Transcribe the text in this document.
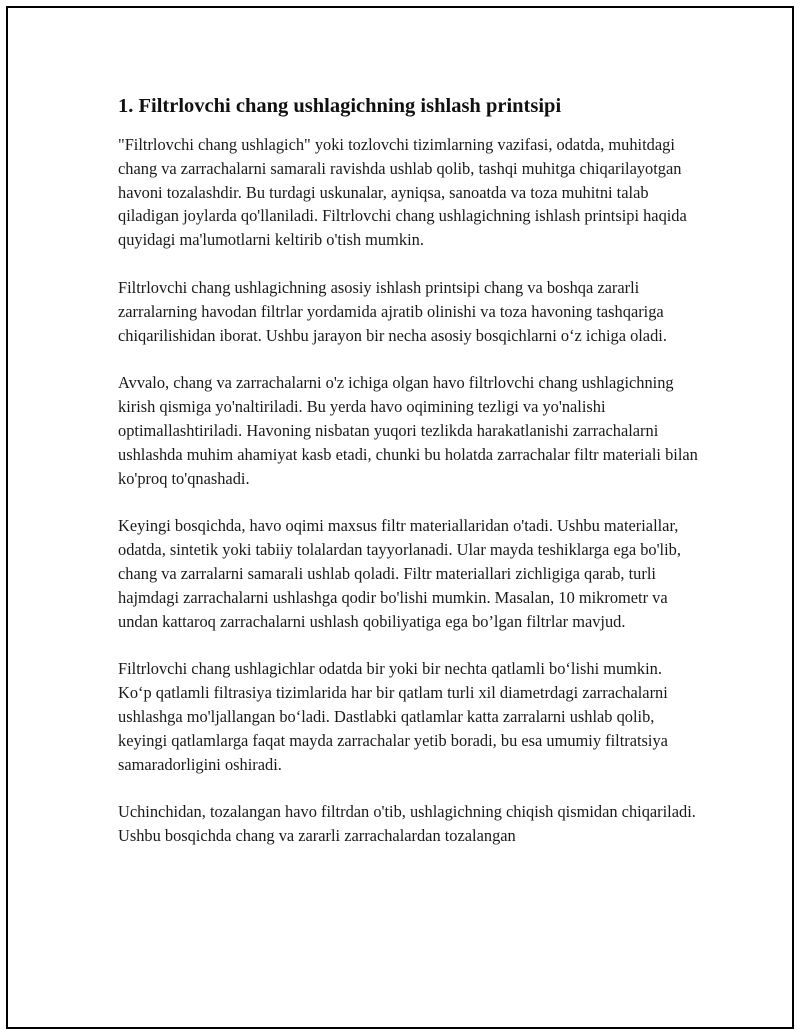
1. Filtrlovchi chang ushlagichning ishlash printsipi

"Filtrlovchi chang ushlagich" yoki tozlovchi tizimlarning vazifasi, odatda, muhitdagi chang va zarrachalarni samarali ravishda ushlab qolib, tashqi muhitga chiqarilayotgan havoni tozalashdir. Bu turdagi uskunalar, ayniqsa, sanoatda va toza muhitni talab qiladigan joylarda qo'llaniladi. Filtrlovchi chang ushlagichning ishlash printsipi haqida quyidagi ma'lumotlarni keltirib o'tish mumkin.

Filtrlovchi chang ushlagichning asosiy ishlash printsipi chang va boshqa zararli zarralarning havodan filtrlar yordamida ajratib olinishi va toza havoning tashqariga chiqarilishidan iborat. Ushbu jarayon bir necha asosiy bosqichlarni o‘z ichiga oladi.

Avvalo, chang va zarrachalarni o'z ichiga olgan havo filtrlovchi chang ushlagichning kirish qismiga yo'naltiriladi. Bu yerda havo oqimining tezligi va yo'nalishi optimallashtiriladi. Havoning nisbatan yuqori tezlikda harakatlanishi zarrachalarni ushlashda muhim ahamiyat kasb etadi, chunki bu holatda zarrachalar filtr materiali bilan ko'proq to'qnashadi.

Keyingi bosqichda, havo oqimi maxsus filtr materiallaridan o'tadi. Ushbu materiallar, odatda, sintetik yoki tabiiy tolalardan tayyorlanadi. Ular mayda teshiklarga ega bo'lib, chang va zarralarni samarali ushlab qoladi. Filtr materiallari zichligiga qarab, turli hajmdagi zarrachalarni ushlashga qodir bo'lishi mumkin. Masalan, 10 mikrometr va undan kattaroq zarrachalarni ushlash qobiliyatiga ega bo’lgan filtrlar mavjud.

Filtrlovchi chang ushlagichlar odatda bir yoki bir nechta qatlamli bo‘lishi mumkin. Ko‘p qatlamli filtrasiya tizimlarida har bir qatlam turli xil diametrdagi zarrachalarni ushlashga mo'ljallangan bo‘ladi. Dastlabki qatlamlar katta zarralarni ushlab qolib, keyingi qatlamlarga faqat mayda zarrachalar yetib boradi, bu esa umumiy filtratsiya samaradorligini oshiradi.

Uchinchidan, tozalangan havo filtrdan o'tib, ushlagichning chiqish qismidan chiqariladi. Ushbu bosqichda chang va zararli zarrachalardan tozalangan
